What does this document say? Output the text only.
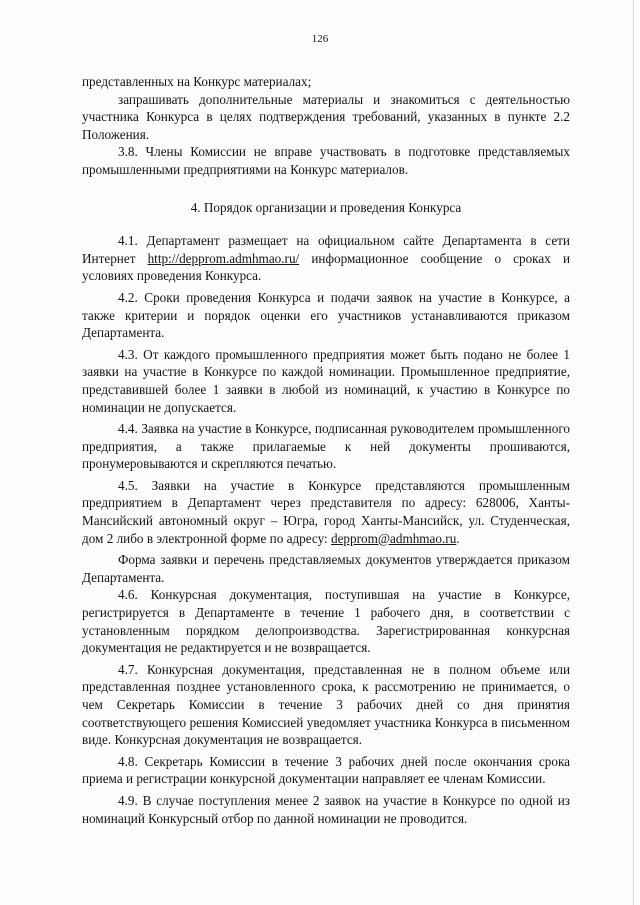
126

представленных на Конкурс материалах;

запрашивать дополнительные материалы и знакомиться с деятельностью участника Конкурса в целях подтверждения требований, указанных в пункте 2.2 Положения.

3.8. Члены Комиссии не вправе участвовать в подготовке представляемых промышленными предприятиями на Конкурс материалов.

4. Порядок организации и проведения Конкурса

4.1. Департамент размещает на официальном сайте Департамента в сети Интернет http://depprom.admhmao.ru/ информационное сообщение о сроках и условиях проведения Конкурса.

4.2. Сроки проведения Конкурса и подачи заявок на участие в Конкурсе, а также критерии и порядок оценки его участников устанавливаются приказом Департамента.

4.3. От каждого промышленного предприятия может быть подано не более 1 заявки на участие в Конкурсе по каждой номинации. Промышленное предприятие, представившей более 1 заявки в любой из номинаций, к участию в Конкурсе по номинации не допускается.

4.4. Заявка на участие в Конкурсе, подписанная руководителем промышленного предприятия, а также прилагаемые к ней документы прошиваются, пронумеровываются и скрепляются печатью.

4.5. Заявки на участие в Конкурсе представляются промышленным предприятием в Департамент через представителя по адресу: 628006, Ханты-Мансийский автономный округ – Югра, город Ханты-Мансийск, ул. Студенческая, дом 2 либо в электронной форме по адресу: depprom@admhmao.ru.

Форма заявки и перечень представляемых документов утверждается приказом Департамента.

4.6. Конкурсная документация, поступившая на участие в Конкурсе, регистрируется в Департаменте в течение 1 рабочего дня, в соответствии с установленным порядком делопроизводства. Зарегистрированная конкурсная документация не редактируется и не возвращается.

4.7. Конкурсная документация, представленная не в полном объеме или представленная позднее установленного срока, к рассмотрению не принимается, о чем Секретарь Комиссии в течение 3 рабочих дней со дня принятия соответствующего решения Комиссией уведомляет участника Конкурса в письменном виде. Конкурсная документация не возвращается.

4.8. Секретарь Комиссии в течение 3 рабочих дней после окончания срока приема и регистрации конкурсной документации направляет ее членам Комиссии.

4.9. В случае поступления менее 2 заявок на участие в Конкурсе по одной из номинаций Конкурсный отбор по данной номинации не проводится.
